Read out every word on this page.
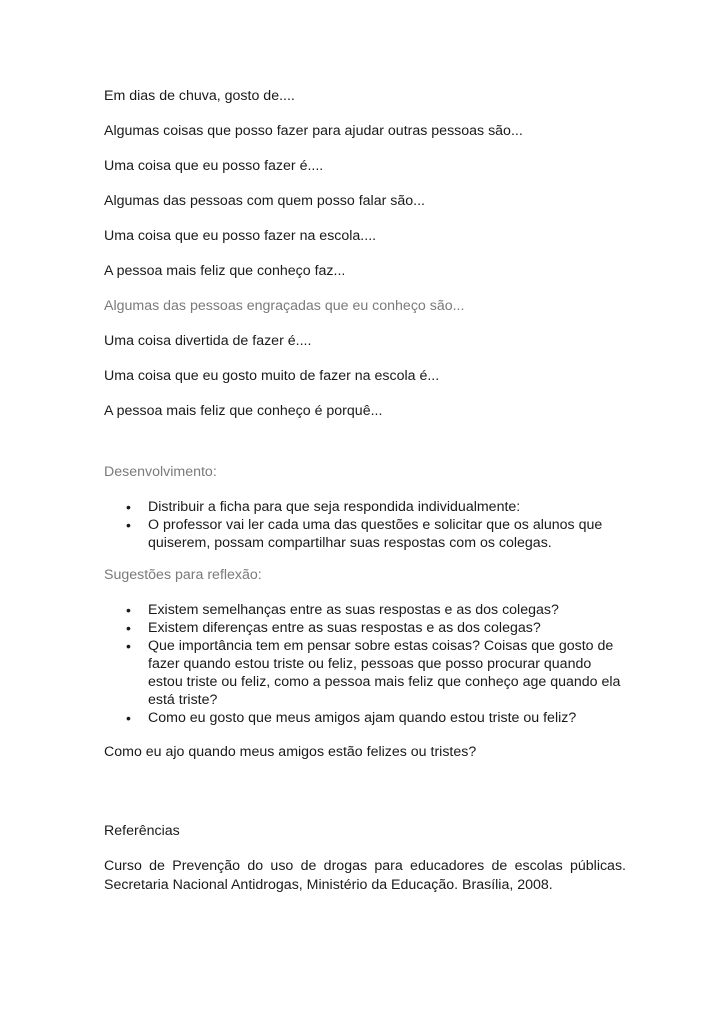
Em dias de chuva, gosto de....

Algumas coisas que posso fazer para ajudar outras pessoas são...

Uma coisa que eu posso fazer é....

Algumas das pessoas com quem posso falar são...

Uma coisa que eu posso fazer na escola....

A pessoa mais feliz que conheço faz...

Algumas das pessoas engraçadas que eu conheço são...

Uma coisa divertida de fazer é....

Uma coisa que eu gosto muito de fazer na escola é...

A pessoa mais feliz que conheço é porquê...

Desenvolvimento:

• Distribuir a ficha para que seja respondida individualmente:
• O professor vai ler cada uma das questões e solicitar que os alunos que quiserem, possam compartilhar suas respostas com os colegas.

Sugestões para reflexão:

• Existem semelhanças entre as suas respostas e as dos colegas?
• Existem diferenças entre as suas respostas e as dos colegas?
• Que importância tem em pensar sobre estas coisas? Coisas que gosto de fazer quando estou triste ou feliz, pessoas que posso procurar quando estou triste ou feliz, como a pessoa mais feliz que conheço age quando ela está triste?
• Como eu gosto que meus amigos ajam quando estou triste ou feliz?

Como eu ajo quando meus amigos estão felizes ou tristes?

Referências

Curso de Prevenção do uso de drogas para educadores de escolas públicas. Secretaria Nacional Antidrogas, Ministério da Educação. Brasília, 2008.
